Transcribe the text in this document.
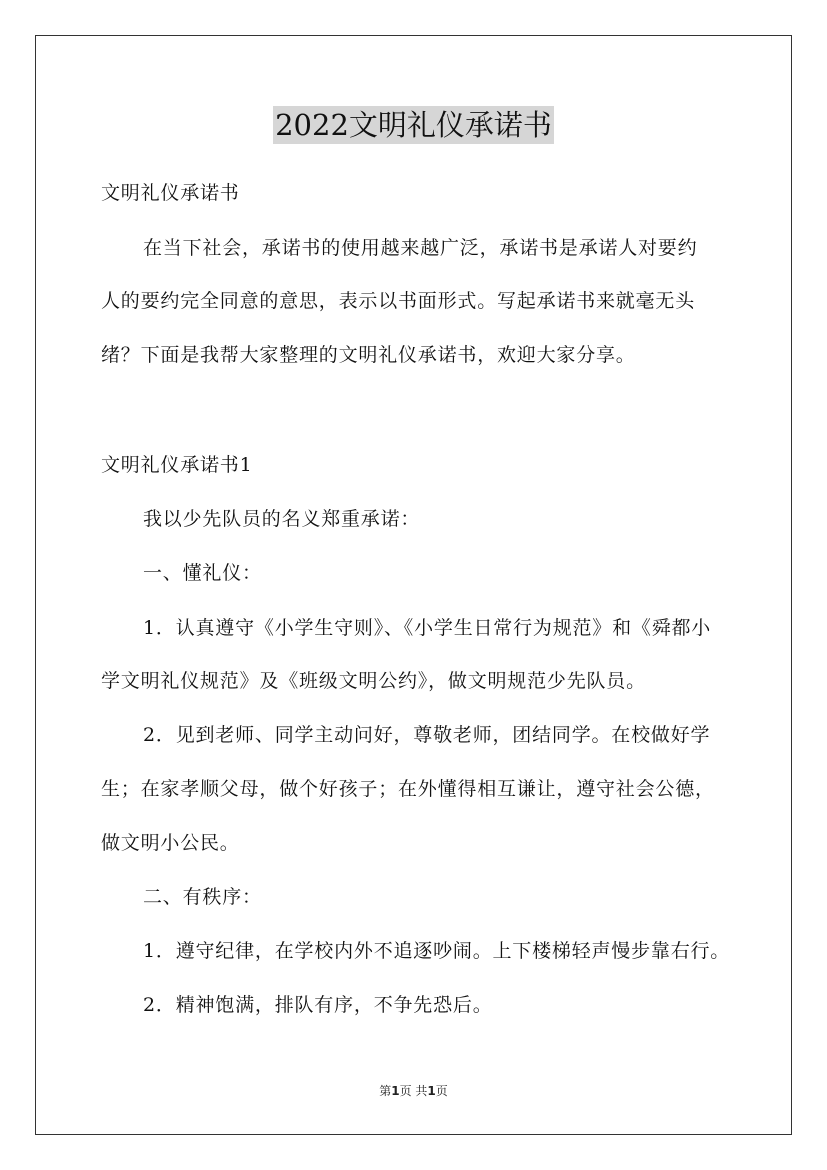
2022文明礼仪承诺书

文明礼仪承诺书

在当下社会，承诺书的使用越来越广泛，承诺书是承诺人对要约

人的要约完全同意的意思，表示以书面形式。写起承诺书来就毫无头

绪？下面是我帮大家整理的文明礼仪承诺书，欢迎大家分享。

文明礼仪承诺书1

我以少先队员的名义郑重承诺：

一、懂礼仪：

1．认真遵守《小学生守则》、《小学生日常行为规范》和《舜都小

学文明礼仪规范》及《班级文明公约》，做文明规范少先队员。

2．见到老师、同学主动问好，尊敬老师，团结同学。在校做好学

生；在家孝顺父母，做个好孩子；在外懂得相互谦让，遵守社会公德，

做文明小公民。

二、有秩序：

1．遵守纪律，在学校内外不追逐吵闹。上下楼梯轻声慢步靠右行。

2．精神饱满，排队有序，不争先恐后。

第1页 共1页
